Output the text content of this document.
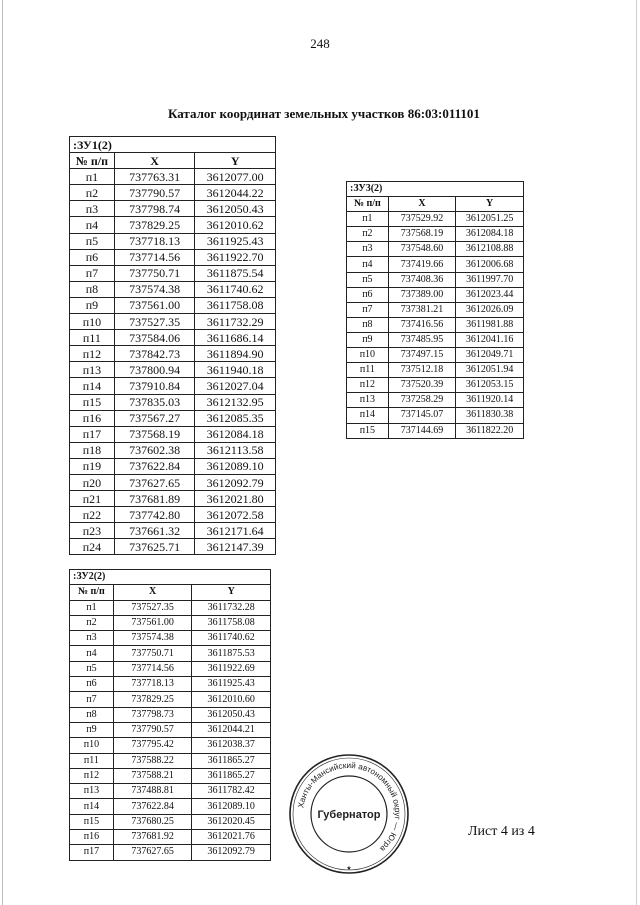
248
Каталог координат земельных участков 86:03:011101
:ЗУ1(2)		
№ п/п	X	Y
п1	737763.31	3612077.00
п2	737790.57	3612044.22
п3	737798.74	3612050.43
п4	737829.25	3612010.62
п5	737718.13	3611925.43
п6	737714.56	3611922.70
п7	737750.71	3611875.54
п8	737574.38	3611740.62
п9	737561.00	3611758.08
п10	737527.35	3611732.29
п11	737584.06	3611686.14
п12	737842.73	3611894.90
п13	737800.94	3611940.18
п14	737910.84	3612027.04
п15	737835.03	3612132.95
п16	737567.27	3612085.35
п17	737568.19	3612084.18
п18	737602.38	3612113.58
п19	737622.84	3612089.10
п20	737627.65	3612092.79
п21	737681.89	3612021.80
п22	737742.80	3612072.58
п23	737661.32	3612171.64
п24	737625.71	3612147.39
:ЗУ3(2)		
№ п/п	X	Y
п1	737529.92	3612051.25
п2	737568.19	3612084.18
п3	737548.60	3612108.88
п4	737419.66	3612006.68
п5	737408.36	3611997.70
п6	737389.00	3612023.44
п7	737381.21	3612026.09
п8	737416.56	3611981.88
п9	737485.95	3612041.16
п10	737497.15	3612049.71
п11	737512.18	3612051.94
п12	737520.39	3612053.15
п13	737258.29	3611920.14
п14	737145.07	3611830.38
п15	737144.69	3611822.20
:ЗУ2(2)		
№ п/п	X	Y
п1	737527.35	3611732.28
п2	737561.00	3611758.08
п3	737574.38	3611740.62
п4	737750.71	3611875.53
п5	737714.56	3611922.69
п6	737718.13	3611925.43
п7	737829.25	3612010.60
п8	737798.73	3612050.43
п9	737790.57	3612044.21
п10	737795.42	3612038.37
п11	737588.22	3611865.27
п12	737588.21	3611865.27
п13	737488.81	3611782.42
п14	737622.84	3612089.10
п15	737680.25	3612020.45
п16	737681.92	3612021.76
п17	737627.65	3612092.79
Ханты-Мансийский автономный округ — Югра
Губернатор
★
Лист 4 из 4
